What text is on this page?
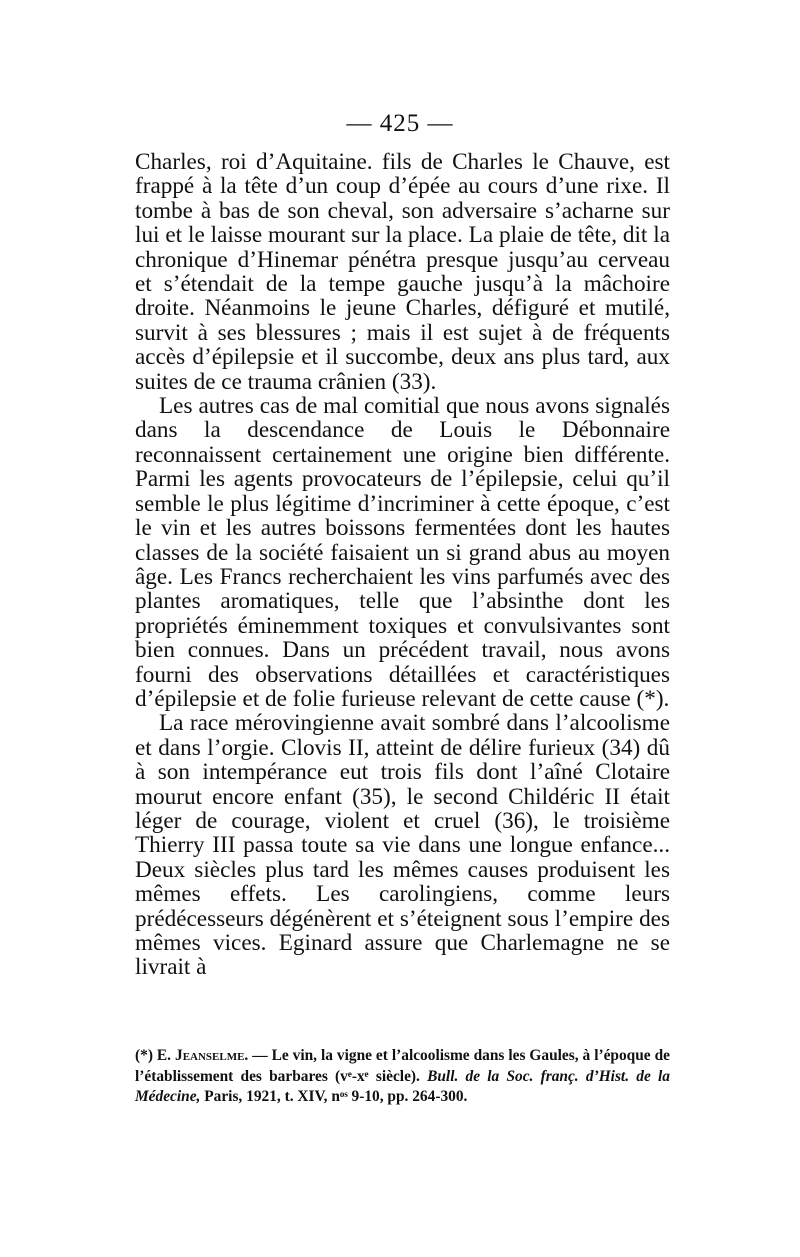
— 425 —

Charles, roi d’Aquitaine. fils de Charles le Chauve, est frappé à la tête d’un coup d’épée au cours d’une rixe. Il tombe à bas de son cheval, son adversaire s’acharne sur lui et le laisse mourant sur la place. La plaie de tête, dit la chronique d’Hinemar pénétra presque jusqu’au cerveau et s’étendait de la tempe gauche jusqu’à la mâchoire droite. Néanmoins le jeune Charles, défiguré et mutilé, survit à ses blessures ; mais il est sujet à de fréquents accès d’épilepsie et il succombe, deux ans plus tard, aux suites de ce trauma crânien (33).

Les autres cas de mal comitial que nous avons signalés dans la descendance de Louis le Débonnaire reconnaissent certainement une origine bien différente. Parmi les agents provocateurs de l’épilepsie, celui qu’il semble le plus légitime d’incriminer à cette époque, c’est le vin et les autres boissons fermentées dont les hautes classes de la société faisaient un si grand abus au moyen âge. Les Francs recherchaient les vins parfumés avec des plantes aromatiques, telle que l’absinthe dont les propriétés éminemment toxiques et convulsivantes sont bien connues. Dans un précédent travail, nous avons fourni des observations détaillées et caractéristiques d’épilepsie et de folie furieuse relevant de cette cause (*).

La race mérovingienne avait sombré dans l’alcoolisme et dans l’orgie. Clovis II, atteint de délire furieux (34) dû à son intempérance eut trois fils dont l’aîné Clotaire mourut encore enfant (35), le second Childéric II était léger de courage, violent et cruel (36), le troisième Thierry III passa toute sa vie dans une longue enfance... Deux siècles plus tard les mêmes causes produisent les mêmes effets. Les carolingiens, comme leurs prédécesseurs dégénèrent et s’éteignent sous l’empire des mêmes vices. Eginard assure que Charlemagne ne se livrait à

(*) E. Jeanselme. — Le vin, la vigne et l’alcoolisme dans les Gaules, à l’époque de l’établissement des barbares (vᵉ-xᵉ siècle). Bull. de la Soc. franç. d’Hist. de la Médecine, Paris, 1921, t. XIV, nᵒˢ 9-10, pp. 264-300.
